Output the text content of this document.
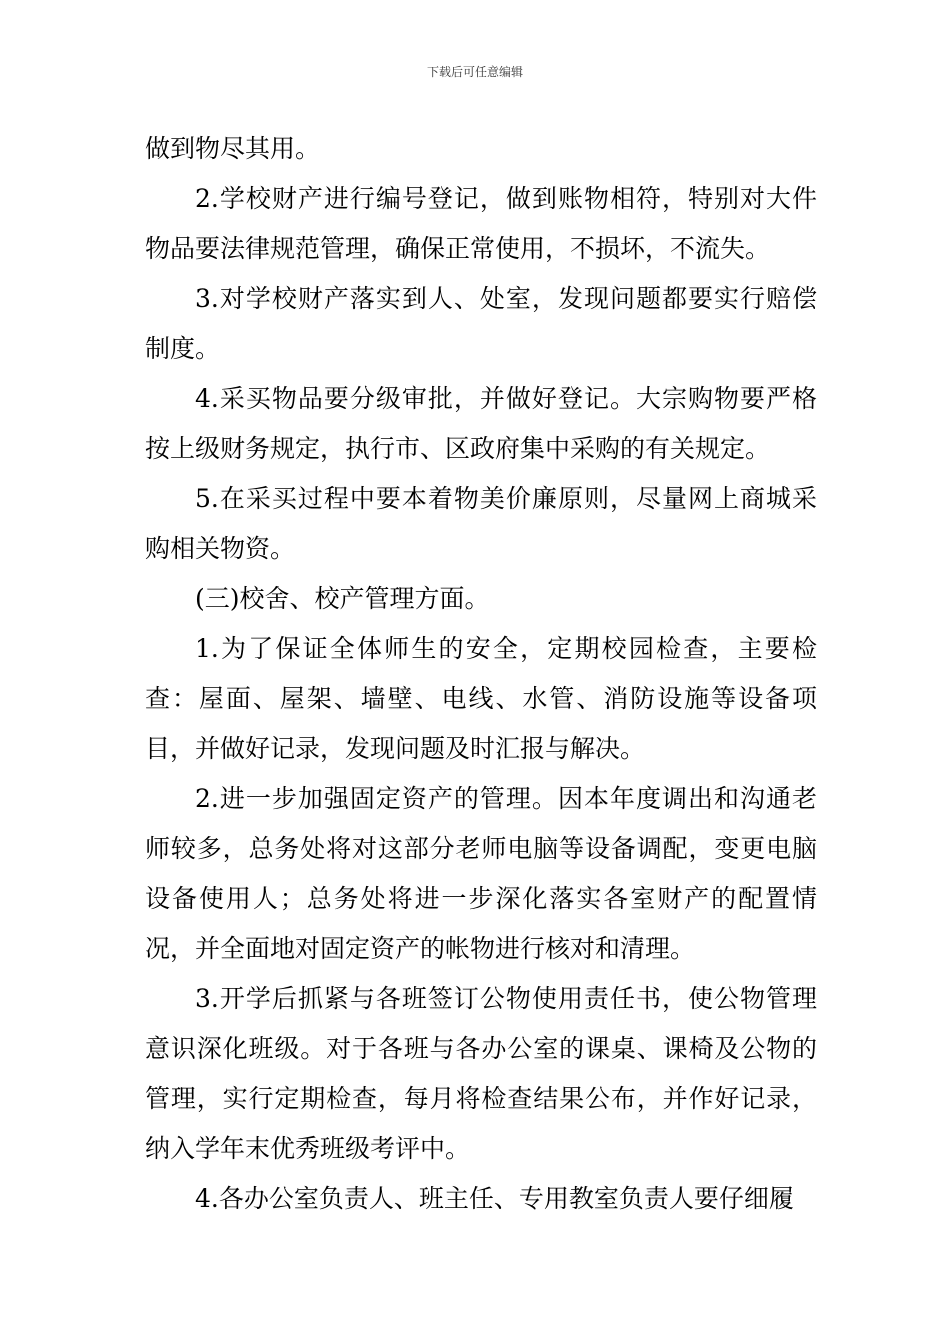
下载后可任意编辑

做到物尽其用。

2.学校财产进行编号登记，做到账物相符，特别对大件物品要法律规范管理，确保正常使用，不损坏，不流失。

3.对学校财产落实到人、处室，发现问题都要实行赔偿制度。

4.采买物品要分级审批，并做好登记。大宗购物要严格按上级财务规定，执行市、区政府集中采购的有关规定。

5.在采买过程中要本着物美价廉原则，尽量网上商城采购相关物资。

(三)校舍、校产管理方面。

1.为了保证全体师生的安全，定期校园检查，主要检查：屋面、屋架、墙壁、电线、水管、消防设施等设备项目，并做好记录，发现问题及时汇报与解决。

2.进一步加强固定资产的管理。因本年度调出和沟通老师较多，总务处将对这部分老师电脑等设备调配，变更电脑设备使用人；总务处将进一步深化落实各室财产的配置情况，并全面地对固定资产的帐物进行核对和清理。

3.开学后抓紧与各班签订公物使用责任书，使公物管理意识深化班级。对于各班与各办公室的课桌、课椅及公物的管理，实行定期检查，每月将检查结果公布，并作好记录，纳入学年末优秀班级考评中。

4.各办公室负责人、班主任、专用教室负责人要仔细履
